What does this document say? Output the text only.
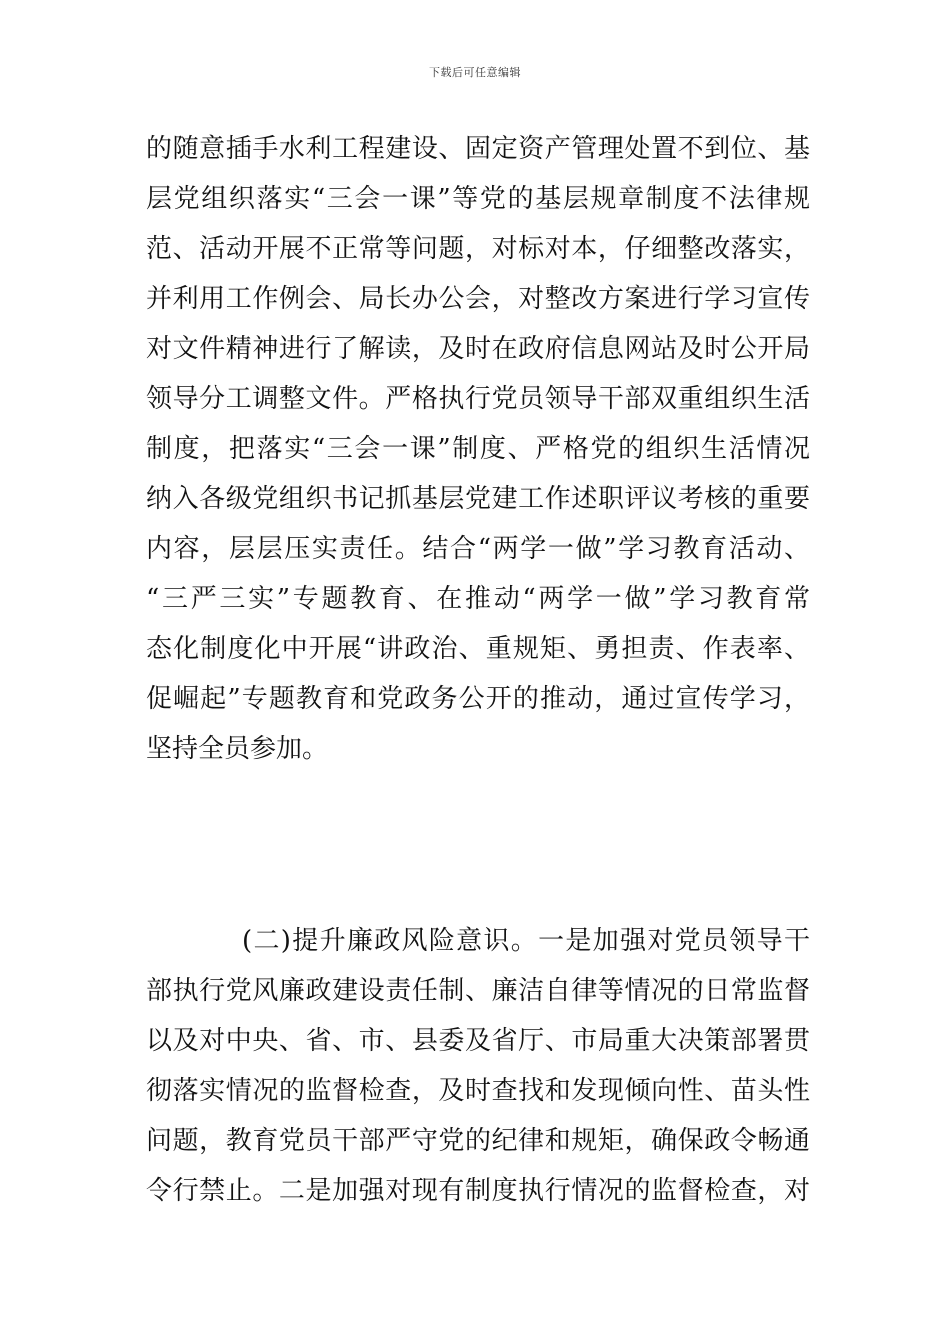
下载后可任意编辑
的随意插手水利工程建设、固定资产管理处置不到位、基
层党组织落实“三会一课”等党的基层规章制度不法律规
范、活动开展不正常等问题，对标对本，仔细整改落实，
并利用工作例会、局长办公会，对整改方案进行学习宣传
对文件精神进行了解读，及时在政府信息网站及时公开局
领导分工调整文件。严格执行党员领导干部双重组织生活
制度，把落实“三会一课”制度、严格党的组织生活情况
纳入各级党组织书记抓基层党建工作述职评议考核的重要
内容，层层压实责任。结合“两学一做”学习教育活动、
“三严三实”专题教育、在推动“两学一做”学习教育常
态化制度化中开展“讲政治、重规矩、勇担责、作表率、
促崛起”专题教育和党政务公开的推动，通过宣传学习，
坚持全员参加。
(二)提升廉政风险意识。一是加强对党员领导干
部执行党风廉政建设责任制、廉洁自律等情况的日常监督
以及对中央、省、市、县委及省厅、市局重大决策部署贯
彻落实情况的监督检查，及时查找和发现倾向性、苗头性
问题，教育党员干部严守党的纪律和规矩，确保政令畅通
令行禁止。二是加强对现有制度执行情况的监督检查，对
